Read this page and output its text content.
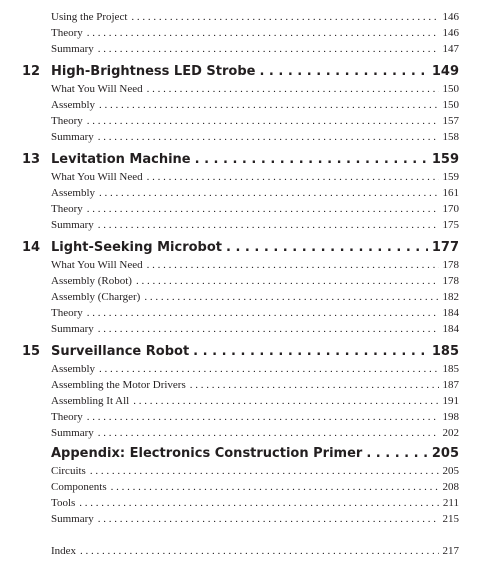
Using the Project . . .	146
Theory . . .	146
Summary . . .	147
12 High-Brightness LED Strobe . . .	149
What You Will Need . . .	150
Assembly . . .	150
Theory . . .	157
Summary . . .	158
13 Levitation Machine . . .	159
What You Will Need . . .	159
Assembly . . .	161
Theory . . .	170
Summary . . .	175
14 Light-Seeking Microbot . . .	177
What You Will Need . . .	178
Assembly (Robot) . . .	178
Assembly (Charger) . . .	182
Theory . . .	184
Summary . . .	184
15 Surveillance Robot . . .	185
Assembly . . .	185
Assembling the Motor Drivers . . .	187
Assembling It All . . .	191
Theory . . .	198
Summary . . .	202
Appendix: Electronics Construction Primer . . .	205
Circuits . . .	205
Components . . .	208
Tools . . .	211
Summary . . .	215
Index . . .	217
